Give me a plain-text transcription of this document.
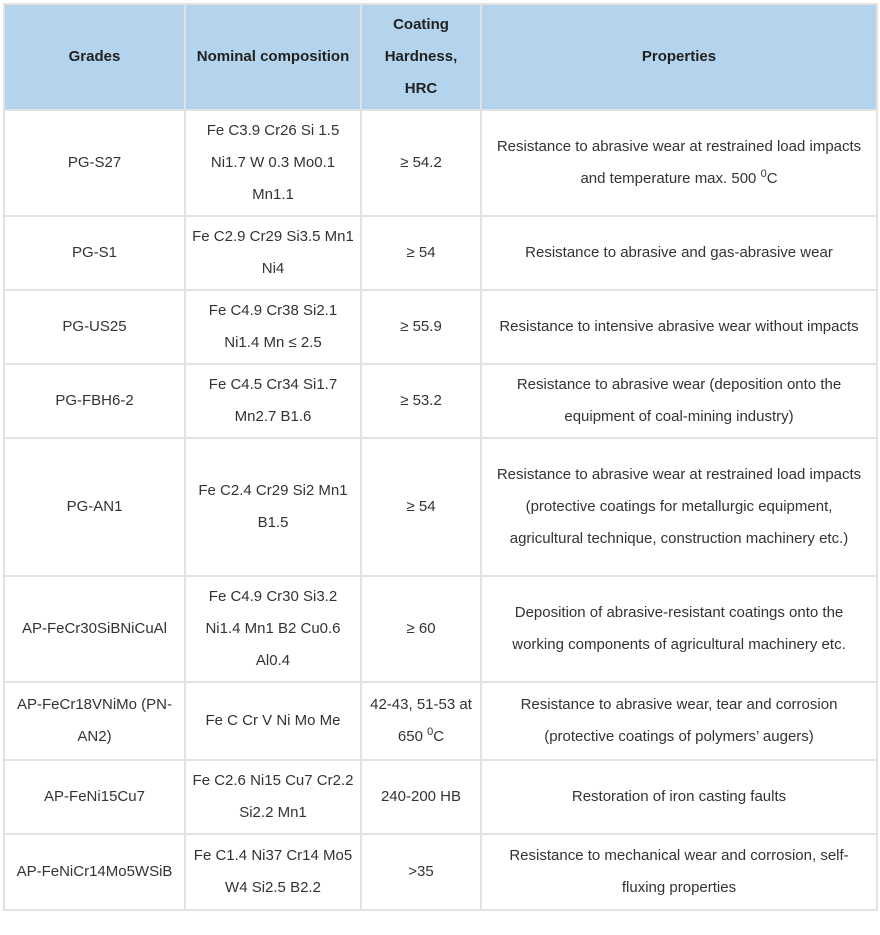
Grades	Nominal composition	Coating Hardness, HRC	Properties
PG-S27	Fe C3.9 Cr26 Si 1.5 Ni1.7 W 0.3 Mo0.1 Mn1.1	≥ 54.2	Resistance to abrasive wear at restrained load impacts and temperature max. 500 $^0$C
PG-S1	Fe C2.9 Cr29 Si3.5 Mn1 Ni4	≥ 54	Resistance to abrasive and gas-abrasive wear
PG-US25	Fe C4.9 Cr38 Si2.1 Ni1.4 Mn ≤ 2.5	≥ 55.9	Resistance to intensive abrasive wear without impacts
PG-FBH6-2	Fe C4.5 Cr34 Si1.7 Mn2.7 B1.6	≥ 53.2	Resistance to abrasive wear (deposition onto the equipment of coal-mining industry)
PG-AN1	Fe C2.4 Cr29 Si2 Mn1 B1.5	≥ 54	Resistance to abrasive wear at restrained load impacts (protective coatings for metallurgic equipment, agricultural technique, construction machinery etc.)
AP-FeCr30SiBNiCuAl	Fe C4.9 Cr30 Si3.2 Ni1.4 Mn1 B2 Cu0.6 Al0.4	≥ 60	Deposition of abrasive-resistant coatings onto the working components of agricultural machinery etc.
AP-FeCr18VNiMo (PN-AN2)	Fe C Cr V Ni Mo Me	42-43, 51-53 at 650 $^0$C	Resistance to abrasive wear, tear and corrosion (protective coatings of polymers’ augers)
AP-FeNi15Cu7	Fe C2.6 Ni15 Cu7 Cr2.2 Si2.2 Mn1	240-200 HB	Restoration of iron casting faults
AP-FeNiCr14Mo5WSiB	Fe C1.4 Ni37 Cr14 Mo5 W4 Si2.5 B2.2	>35	Resistance to mechanical wear and corrosion, self-fluxing properties
